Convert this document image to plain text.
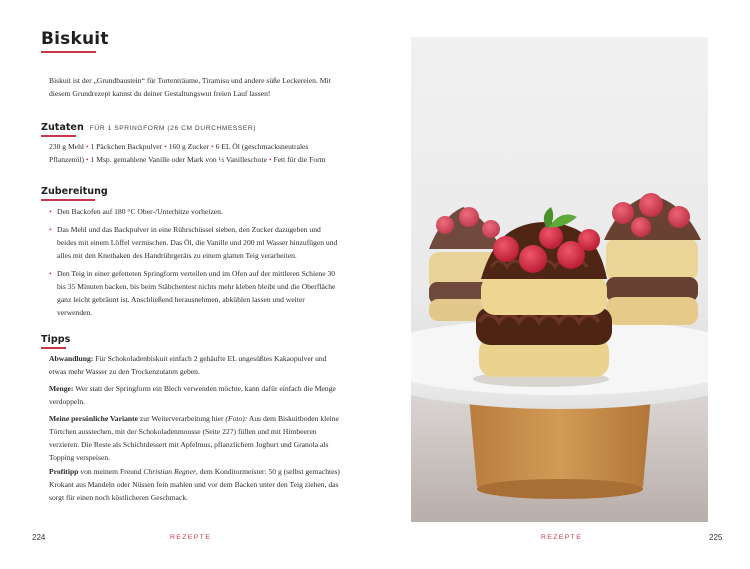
Biskuit

Biskuit ist der „Grundbaustein“ für Tortenträume, Tiramisu und andere süße Leckereien. Mit diesem Grundrezept kannst du deiner Gestaltungswut freien Lauf lassen!

Zutaten FÜR 1 SPRINGFORM (26 CM DURCHMESSER)

230 g Mehl • 1 Päckchen Backpulver • 160 g Zucker • 6 EL Öl (geschmacksneutrales Pflanzenöl) • 1 Msp. gemahlene Vanille oder Mark von ½ Vanilleschote • Fett für die Form

Zubereitung
• Den Backofen auf 180 °C Ober-/Unterhitze vorheizen.
• Das Mehl und das Backpulver in eine Rührschüssel sieben, den Zucker dazugeben und beides mit einem Löffel vermischen. Das Öl, die Vanille und 200 ml Wasser hinzufügen und alles mit den Knethaken des Handrührgeräts zu einem glatten Teig verarbeiten.
• Den Teig in einer gefetteten Springform verteilen und im Ofen auf der mittleren Schiene 30 bis 35 Minuten backen, bis beim Stäbchentest nichts mehr kleben bleibt und die Oberfläche ganz leicht gebräunt ist. Anschließend herausnehmen, abkühlen lassen und weiter verwenden.
Tipps

Abwandlung: Für Schokoladenbiskuit einfach 2 gehäufte EL ungesüßtes Kakaopulver und etwas mehr Wasser zu den Trockenzutaten geben.

Menge: Wer statt der Springform ein Blech verwenden möchte, kann dafür einfach die Menge verdoppeln.

Meine persönliche Variante zur Weiterverarbeitung hier (Foto): Aus dem Biskuitboden kleine Törtchen ausstechen, mit der Schokoladenmousse (Seite 227) füllen und mit Himbeeren verzieren. Die Reste als Schichtdessert mit Apfelmus, pflanzlichem Joghurt und Granola als Topping verspeisen.

Profitipp von meinem Freund Christian Regner, dem Konditormeister: 50 g (selbst gemachtes) Krokant aus Mandeln oder Nüssen fein mahlen und vor dem Backen unter den Teig ziehen, das sorgt für einen noch köstlicheren Geschmack.

224	REZEPTE	REZEPTE	225
